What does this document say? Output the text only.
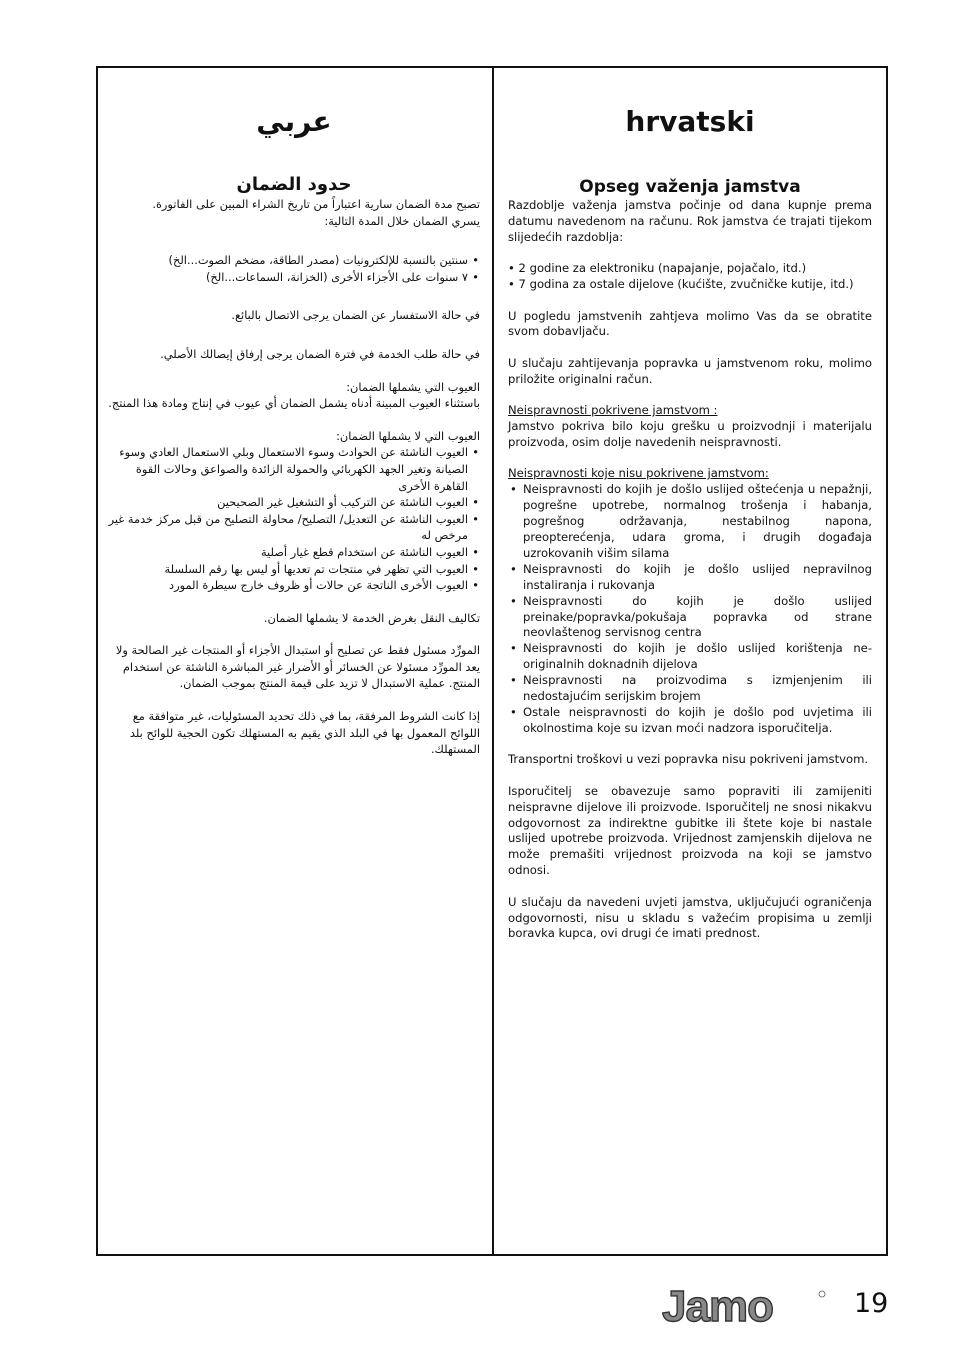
عربي
حدود الضمان

تصبح مدة الضمان سارية اعتباراً من تاريخ الشراء المبين على الفاتورة.

يسري الضمان خلال المدة التالية:

• سنتين بالنسبة للإلكترونيات (مصدر الطاقة، مضخم الصوت...الخ)
• ٧ سنوات على الأجزاء الأخرى (الخزانة، السماعات...الخ)

في حالة الاستفسار عن الضمان يرجى الاتصال بالبائع.

في حالة طلب الخدمة في فترة الضمان يرجى إرفاق إيصالك الأصلي.

العيوب التي يشملها الضمان:

باستثناء العيوب المبينة أدناه يشمل الضمان أي عيوب في إنتاج ومادة هذا المنتج.

العيوب التي لا يشملها الضمان:

• العيوب الناشئة عن الحوادث وسوء الاستعمال وبلي الاستعمال العادي وسوء الصيانة وتغير الجهد الكهربائي والحمولة الزائدة والصواعق وحالات القوة القاهرة الأخرى
• العيوب الناشئة عن التركيب أو التشغيل غير الصحيحين
• العيوب الناشئة عن التعديل/ التصليح/ محاولة التصليح من قبل مركز خدمة غير مرخص له
• العيوب الناشئة عن استخدام قطع غيار أصلية
• العيوب التي تظهر في منتجات تم تعديها أو ليس بها رقم السلسلة
• العيوب الأخرى الناتجة عن حالات أو ظروف خارج سيطرة المورد

تكاليف النقل بغرض الخدمة لا يشملها الضمان.

المورِّد مسئول فقط عن تصليح أو استبدال الأجزاء أو المنتجات غير الصالحة ولا يعد المورِّد مسئولا عن الخسائر أو الأضرار غير المباشرة الناشئة عن استخدام المنتج. عملية الاستبدال لا تزيد على قيمة المنتج بموجب الضمان.

إذا كانت الشروط المرفقة، بما في ذلك تحديد المسئوليات، غير متوافقة مع اللوائح المعمول بها في البلد الذي يقيم به المستهلك تكون الحجية للوائح بلد المستهلك.

hrvatski
Opseg važenja jamstva

Razdoblje važenja jamstva počinje od dana kupnje prema datumu navedenom na računu. Rok jamstva će trajati tijekom slijedećih razdoblja:

• 2 godine za elektroniku (napajanje, pojačalo, itd.)
• 7 godina za ostale dijelove (kućište, zvučničke kutije, itd.)

U pogledu jamstvenih zahtjeva molimo Vas da se obratite svom dobavljaču.

U slučaju zahtijevanja popravka u jamstvenom roku, molimo priložite originalni račun.

Neispravnosti pokrivene jamstvom :

Jamstvo pokriva bilo koju grešku u proizvodnji i materijalu proizvoda, osim dolje navedenih neispravnosti.

Neispravnosti koje nisu pokrivene jamstvom:

• Neispravnosti do kojih je došlo uslijed oštećenja u nepažnji, pogrešne upotrebe, normalnog trošenja i habanja, pogrešnog održavanja, nestabilnog napona, preopterećenja, udara groma, i drugih događaja uzrokovanih višim silama
• Neispravnosti do kojih je došlo uslijed nepravilnog instaliranja i rukovanja
• Neispravnosti do kojih je došlo uslijed preinake/popravka/pokušaja popravka od strane neovlaštenog servisnog centra
• Neispravnosti do kojih je došlo uslijed korištenja ne-originalnih doknadnih dijelova
• Neispravnosti na proizvodima s izmjenjenim ili nedostajućim serijskim brojem
• Ostale neispravnosti do kojih je došlo pod uvjetima ili okolnostima koje su izvan moći nadzora isporučitelja.

Transportni troškovi u vezi popravka nisu pokriveni jamstvom.

Isporučitelj se obavezuje samo popraviti ili zamijeniti neispravne dijelove ili proizvode. Isporučitelj ne snosi nikakvu odgovornost za indirektne gubitke ili štete koje bi nastale uslijed upotrebe proizvoda. Vrijednost zamjenskih dijelova ne može premašiti vrijednost proizvoda na koji se jamstvo odnosi.

U slučaju da navedeni uvjeti jamstva, uključujući ograničenja odgovornosti, nisu u skladu s važećim propisima u zemlji boravka kupca, ovi drugi će imati prednost.

Jamo	19
